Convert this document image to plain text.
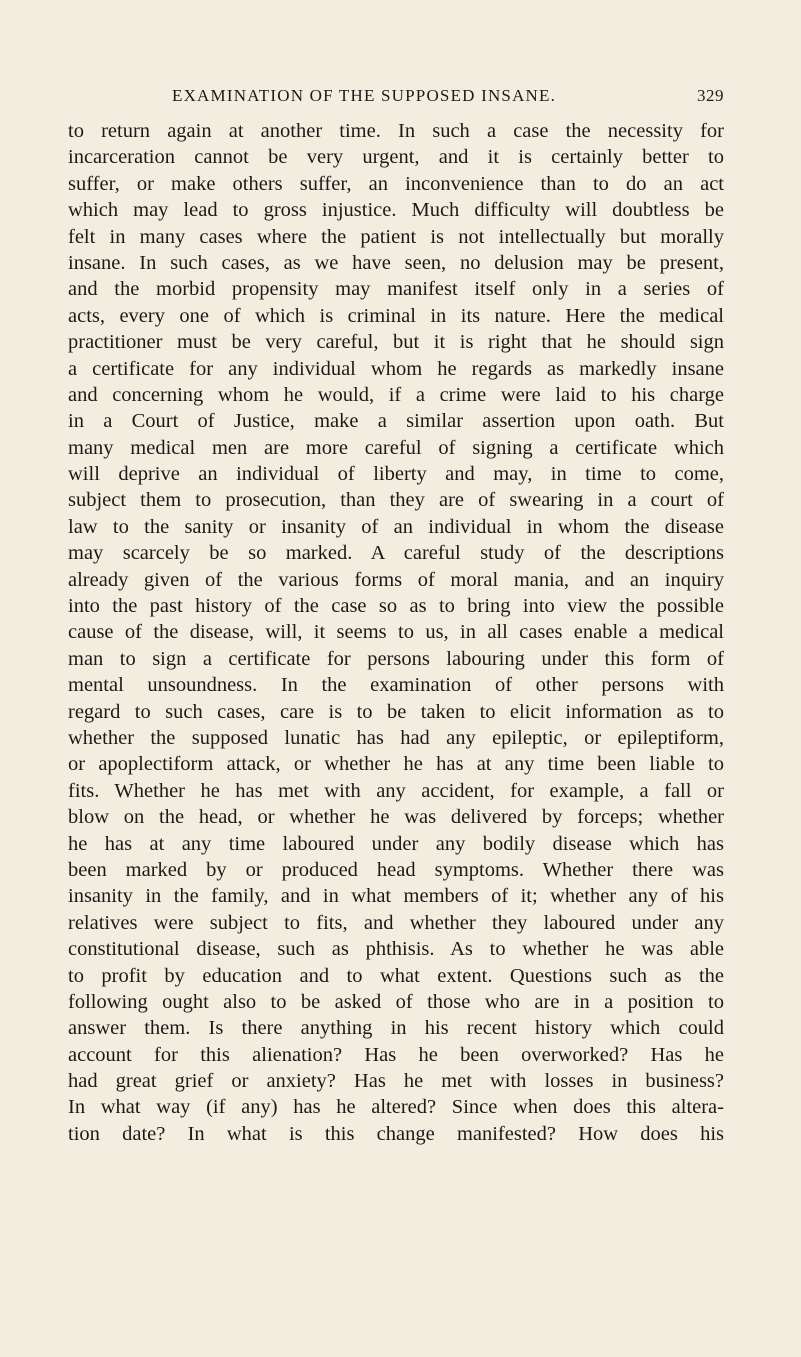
EXAMINATION OF THE SUPPOSED INSANE.	329
to return again at another time. In such a case the necessity for
incarceration cannot be very urgent, and it is certainly better to
suffer, or make others suffer, an inconvenience than to do an act
which may lead to gross injustice. Much difficulty will doubtless be
felt in many cases where the patient is not intellectually but morally
insane. In such cases, as we have seen, no delusion may be present,
and the morbid propensity may manifest itself only in a series of
acts, every one of which is criminal in its nature. Here the medical
practitioner must be very careful, but it is right that he should sign
a certificate for any individual whom he regards as markedly insane
and concerning whom he would, if a crime were laid to his charge
in a Court of Justice, make a similar assertion upon oath. But
many medical men are more careful of signing a certificate which
will deprive an individual of liberty and may, in time to come,
subject them to prosecution, than they are of swearing in a court of
law to the sanity or insanity of an individual in whom the disease
may scarcely be so marked. A careful study of the descriptions
already given of the various forms of moral mania, and an inquiry
into the past history of the case so as to bring into view the possible
cause of the disease, will, it seems to us, in all cases enable a medical
man to sign a certificate for persons labouring under this form of
mental unsoundness. In the examination of other persons with
regard to such cases, care is to be taken to elicit information as to
whether the supposed lunatic has had any epileptic, or epileptiform,
or apoplectiform attack, or whether he has at any time been liable to
fits. Whether he has met with any accident, for example, a fall or
blow on the head, or whether he was delivered by forceps; whether
he has at any time laboured under any bodily disease which has
been marked by or produced head symptoms. Whether there was
insanity in the family, and in what members of it; whether any of his
relatives were subject to fits, and whether they laboured under any
constitutional disease, such as phthisis. As to whether he was able
to profit by education and to what extent. Questions such as the
following ought also to be asked of those who are in a position to
answer them. Is there anything in his recent history which could
account for this alienation? Has he been overworked? Has he
had great grief or anxiety? Has he met with losses in business?
In what way (if any) has he altered? Since when does this altera-
tion date? In what is this change manifested? How does his
